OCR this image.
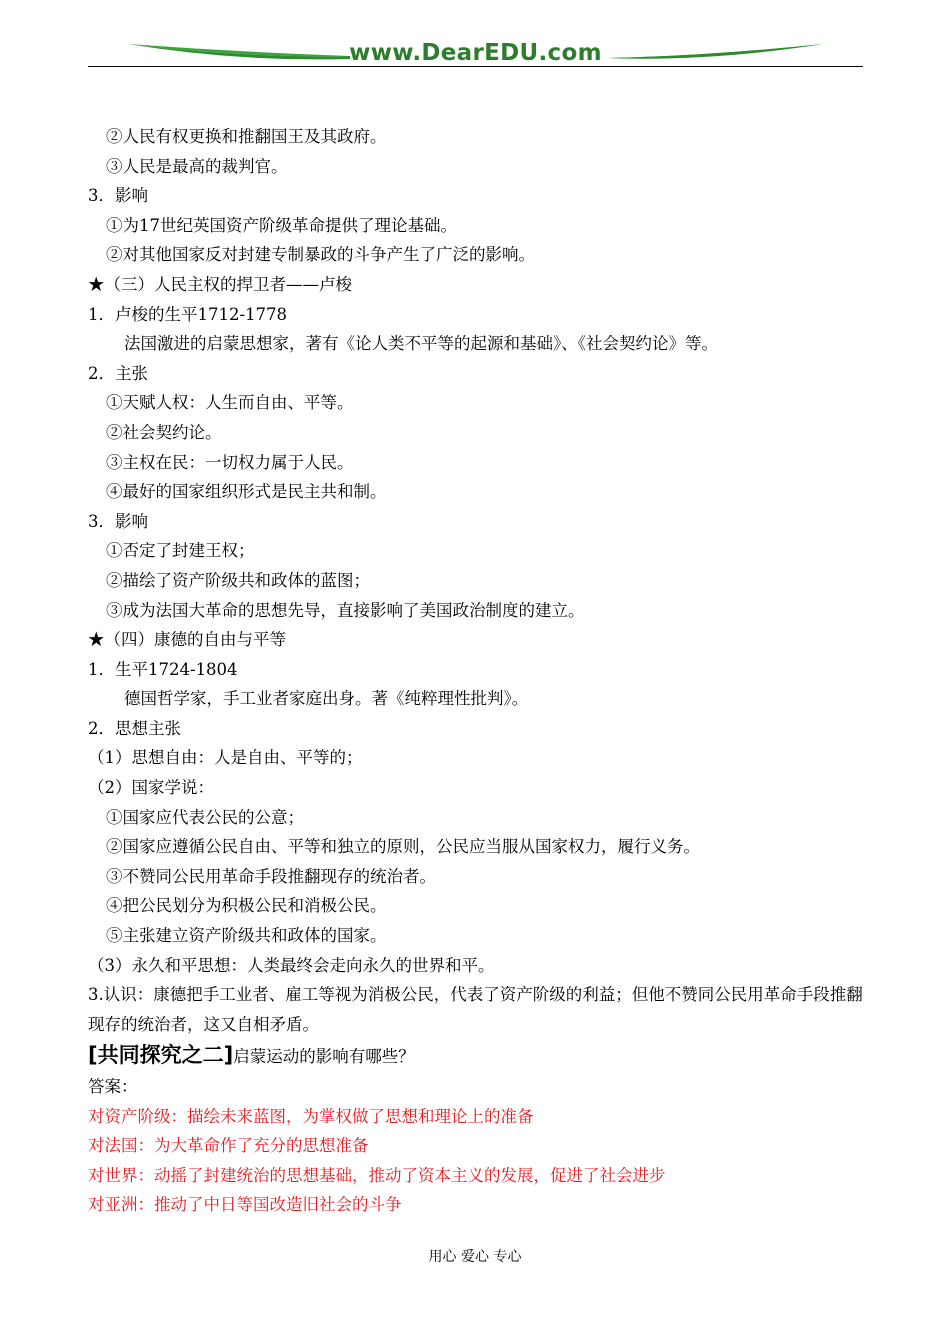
www.DearEDU.com
②人民有权更换和推翻国王及其政府。
③人民是最高的裁判官。
3．影响
①为17世纪英国资产阶级革命提供了理论基础。
②对其他国家反对封建专制暴政的斗争产生了广泛的影响。
★（三）人民主权的捍卫者——卢梭
1．卢梭的生平1712-1778
法国激进的启蒙思想家，著有《论人类不平等的起源和基础》、《社会契约论》等。
2．主张
①天赋人权：人生而自由、平等。
②社会契约论。
③主权在民：一切权力属于人民。
④最好的国家组织形式是民主共和制。
3．影响
①否定了封建王权；
②描绘了资产阶级共和政体的蓝图；
③成为法国大革命的思想先导，直接影响了美国政治制度的建立。
★（四）康德的自由与平等
1．生平1724-1804
德国哲学家，手工业者家庭出身。著《纯粹理性批判》。
2．思想主张
（1）思想自由：人是自由、平等的；
（2）国家学说：
①国家应代表公民的公意；
②国家应遵循公民自由、平等和独立的原则，公民应当服从国家权力，履行义务。
③不赞同公民用革命手段推翻现存的统治者。
④把公民划分为积极公民和消极公民。
⑤主张建立资产阶级共和政体的国家。
（3）永久和平思想：人类最终会走向永久的世界和平。
3.认识：康德把手工业者、雇工等视为消极公民，代表了资产阶级的利益；但他不赞同公民用革命手段推翻现存的统治者，这又自相矛盾。
[共同探究之二]启蒙运动的影响有哪些？
答案：
对资产阶级：描绘未来蓝图，为掌权做了思想和理论上的准备
对法国：为大革命作了充分的思想准备
对世界：动摇了封建统治的思想基础，推动了资本主义的发展，促进了社会进步
对亚洲：推动了中日等国改造旧社会的斗争
用心 爱心 专心
